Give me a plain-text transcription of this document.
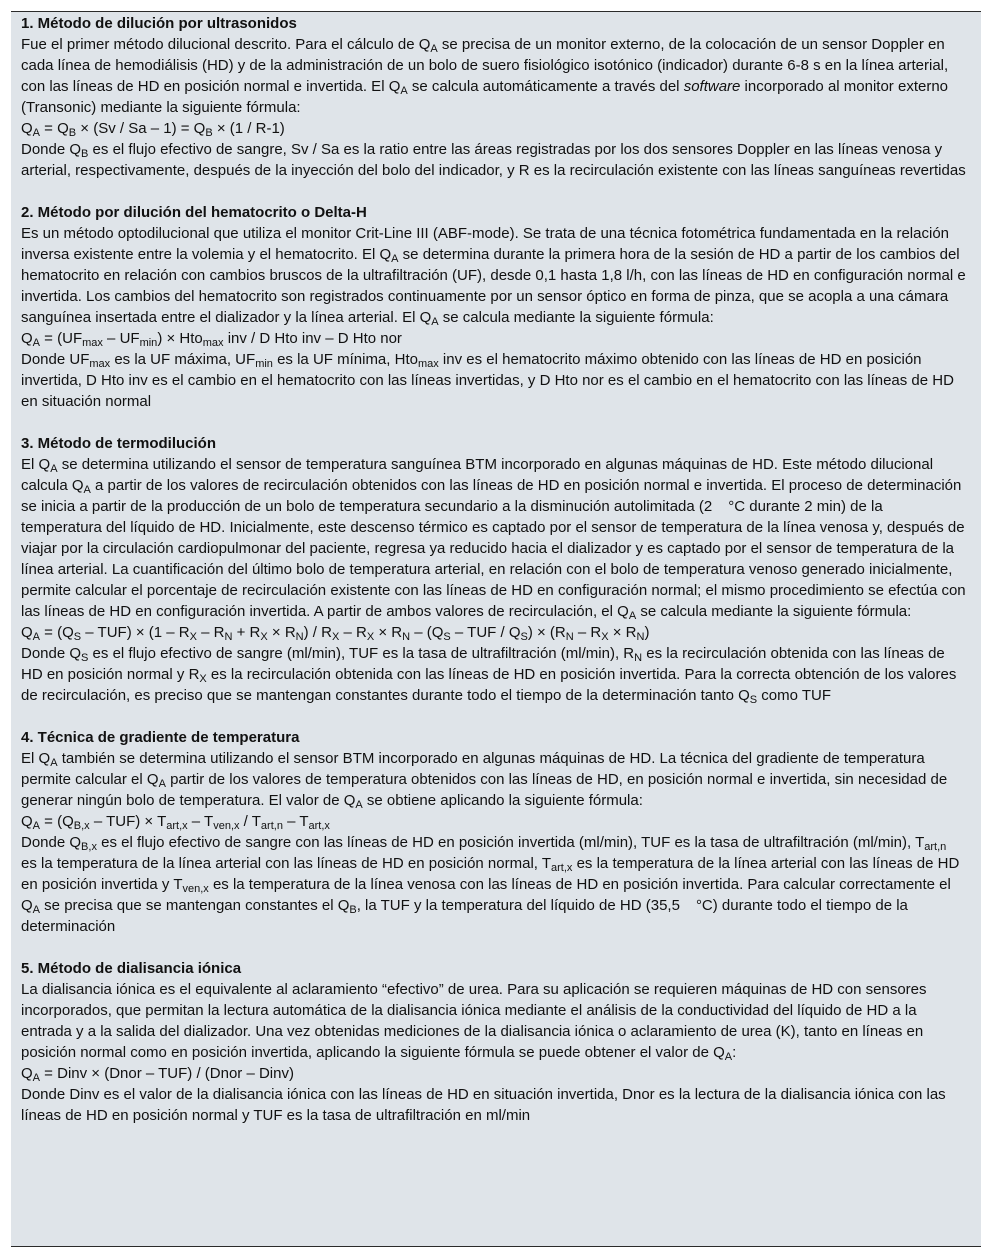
1. Método de dilución por ultrasonidos

Fue el primer método dilucional descrito. Para el cálculo de $Q_A$ se precisa de un monitor externo, de la colocación de un sensor Doppler en cada línea de hemodiálisis (HD) y de la administración de un bolo de suero fisiológico isotónico (indicador) durante 6-8 s en la línea arterial, con las líneas de HD en posición normal e invertida. El $Q_A$ se calcula automáticamente a través del software incorporado al monitor externo (Transonic) mediante la siguiente fórmula:

$Q_A = Q_B \times (Sv / Sa - 1) = Q_B \times (1 / R-1)$

Donde $Q_B$ es el flujo efectivo de sangre, Sv / Sa es la ratio entre las áreas registradas por los dos sensores Doppler en las líneas venosa y arterial, respectivamente, después de la inyección del bolo del indicador, y R es la recirculación existente con las líneas sanguíneas revertidas

2. Método por dilución del hematocrito o Delta-H

Es un método optodilucional que utiliza el monitor Crit-Line III (ABF-mode). Se trata de una técnica fotométrica fundamentada en la relación inversa existente entre la volemia y el hematocrito. El $Q_A$ se determina durante la primera hora de la sesión de HD a partir de los cambios del hematocrito en relación con cambios bruscos de la ultrafiltración (UF), desde 0,1 hasta 1,8 l/h, con las líneas de HD en configuración normal e invertida. Los cambios del hematocrito son registrados continuamente por un sensor óptico en forma de pinza, que se acopla a una cámara sanguínea insertada entre el dializador y la línea arterial. El $Q_A$ se calcula mediante la siguiente fórmula:

$Q_A = (UF_{max} - UF_{min}) \times Hto_{max}$ inv / D Hto inv – D Hto nor

Donde $UF_{max}$ es la UF máxima, $UF_{min}$ es la UF mínima, Hto$_{max}$ inv es el hematocrito máximo obtenido con las líneas de HD en posición invertida, D Hto inv es el cambio en el hematocrito con las líneas invertidas, y D Hto nor es el cambio en el hematocrito con las líneas de HD en situación normal

3. Método de termodilución

El $Q_A$ se determina utilizando el sensor de temperatura sanguínea BTM incorporado en algunas máquinas de HD. Este método dilucional calcula $Q_A$ a partir de los valores de recirculación obtenidos con las líneas de HD en posición normal e invertida. El proceso de determinación se inicia a partir de la producción de un bolo de temperatura secundario a la disminución autolimitada (2 °C durante 2 min) de la temperatura del líquido de HD. Inicialmente, este descenso térmico es captado por el sensor de temperatura de la línea venosa y, después de viajar por la circulación cardiopulmonar del paciente, regresa ya reducido hacia el dializador y es captado por el sensor de temperatura de la línea arterial. La cuantificación del último bolo de temperatura arterial, en relación con el bolo de temperatura venoso generado inicialmente, permite calcular el porcentaje de recirculación existente con las líneas de HD en configuración normal; el mismo procedimiento se efectúa con las líneas de HD en configuración invertida. A partir de ambos valores de recirculación, el $Q_A$ se calcula mediante la siguiente fórmula:

$Q_A = (Q_S - TUF) \times (1 - R_X - R_N + R_X \times R_N) / R_X - R_X \times R_N - (Q_S$ – TUF / $Q_S) \times (R_N - R_X \times R_N)$

Donde $Q_S$ es el flujo efectivo de sangre (ml/min), TUF es la tasa de ultrafiltración (ml/min), $R_N$ es la recirculación obtenida con las líneas de HD en posición normal y $R_X$ es la recirculación obtenida con las líneas de HD en posición invertida. Para la correcta obtención de los valores de recirculación, es preciso que se mantengan constantes durante todo el tiempo de la determinación tanto $Q_S$ como TUF

4. Técnica de gradiente de temperatura

El $Q_A$ también se determina utilizando el sensor BTM incorporado en algunas máquinas de HD. La técnica del gradiente de temperatura permite calcular el $Q_A$ partir de los valores de temperatura obtenidos con las líneas de HD, en posición normal e invertida, sin necesidad de generar ningún bolo de temperatura. El valor de $Q_A$ se obtiene aplicando la siguiente fórmula:

$Q_A = (Q_{B,x} - TUF) \times T_{art,x} - T_{ven,x} / T_{art,n} - T_{art,x}$

Donde $Q_{B,x}$ es el flujo efectivo de sangre con las líneas de HD en posición invertida (ml/min), TUF es la tasa de ultrafiltración (ml/min), $T_{art,n}$ es la temperatura de la línea arterial con las líneas de HD en posición normal, $T_{art,x}$ es la temperatura de la línea arterial con las líneas de HD en posición invertida y $T_{ven,x}$ es la temperatura de la línea venosa con las líneas de HD en posición invertida. Para calcular correctamente el $Q_A$ se precisa que se mantengan constantes el $Q_B$, la TUF y la temperatura del líquido de HD (35,5 °C) durante todo el tiempo de la determinación

5. Método de dialisancia iónica

La dialisancia iónica es el equivalente al aclaramiento “efectivo” de urea. Para su aplicación se requieren máquinas de HD con sensores incorporados, que permitan la lectura automática de la dialisancia iónica mediante el análisis de la conductividad del líquido de HD a la entrada y a la salida del dializador. Una vez obtenidas mediciones de la dialisancia iónica o aclaramiento de urea (K), tanto en líneas en posición normal como en posición invertida, aplicando la siguiente fórmula se puede obtener el valor de $Q_A$:

$Q_A$ = Dinv × (Dnor – TUF) / (Dnor – Dinv)

Donde Dinv es el valor de la dialisancia iónica con las líneas de HD en situación invertida, Dnor es la lectura de la dialisancia iónica con las líneas de HD en posición normal y TUF es la tasa de ultrafiltración en ml/min
